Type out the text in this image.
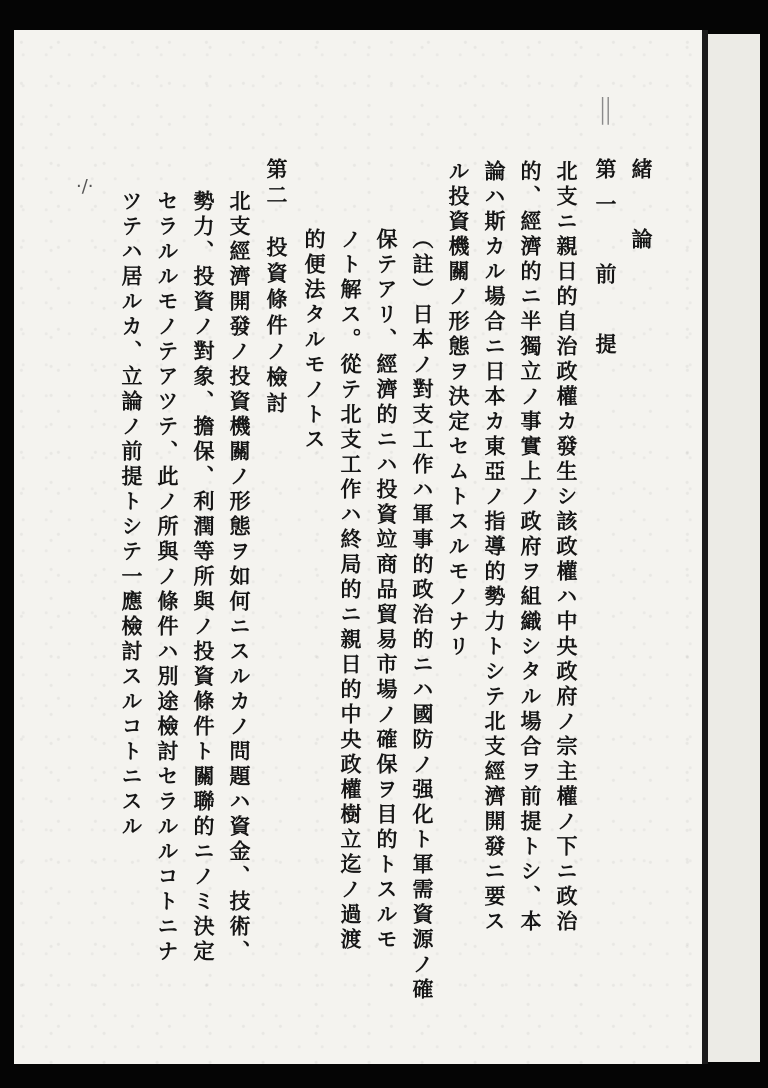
||
·/·	緒　論
第一　前　提
北支ニ親日的自治政權カ發生シ該政權ハ中央政府ノ宗主權ノ下ニ政治
的、經濟的ニ半獨立ノ事實上ノ政府ヲ組織シタル場合ヲ前提トシ、本
論ハ斯カル場合ニ日本カ東亞ノ指導的勢力トシテ北支經濟開發ニ要ス
ル投資機關ノ形態ヲ決定セムトスルモノナリ
（註）日本ノ對支工作ハ軍事的政治的ニハ國防ノ强化ト軍需資源ノ確
保テアリ、經濟的ニハ投資竝商品貿易市場ノ確保ヲ目的トスルモ
ノト解ス。從テ北支工作ハ終局的ニ親日的中央政權樹立迄ノ過渡
的便法タルモノトス
第二　投資條件ノ檢討
北支經濟開發ノ投資機關ノ形態ヲ如何ニスルカノ問題ハ資金、技術、
勢力、投資ノ對象、擔保、利潤等所與ノ投資條件ト關聯的ニノミ決定
セラルルモノテアツテ、此ノ所與ノ條件ハ別途檢討セラルルコトニナ
ツテハ居ルカ、立論ノ前提トシテ一應檢討スルコトニスル
